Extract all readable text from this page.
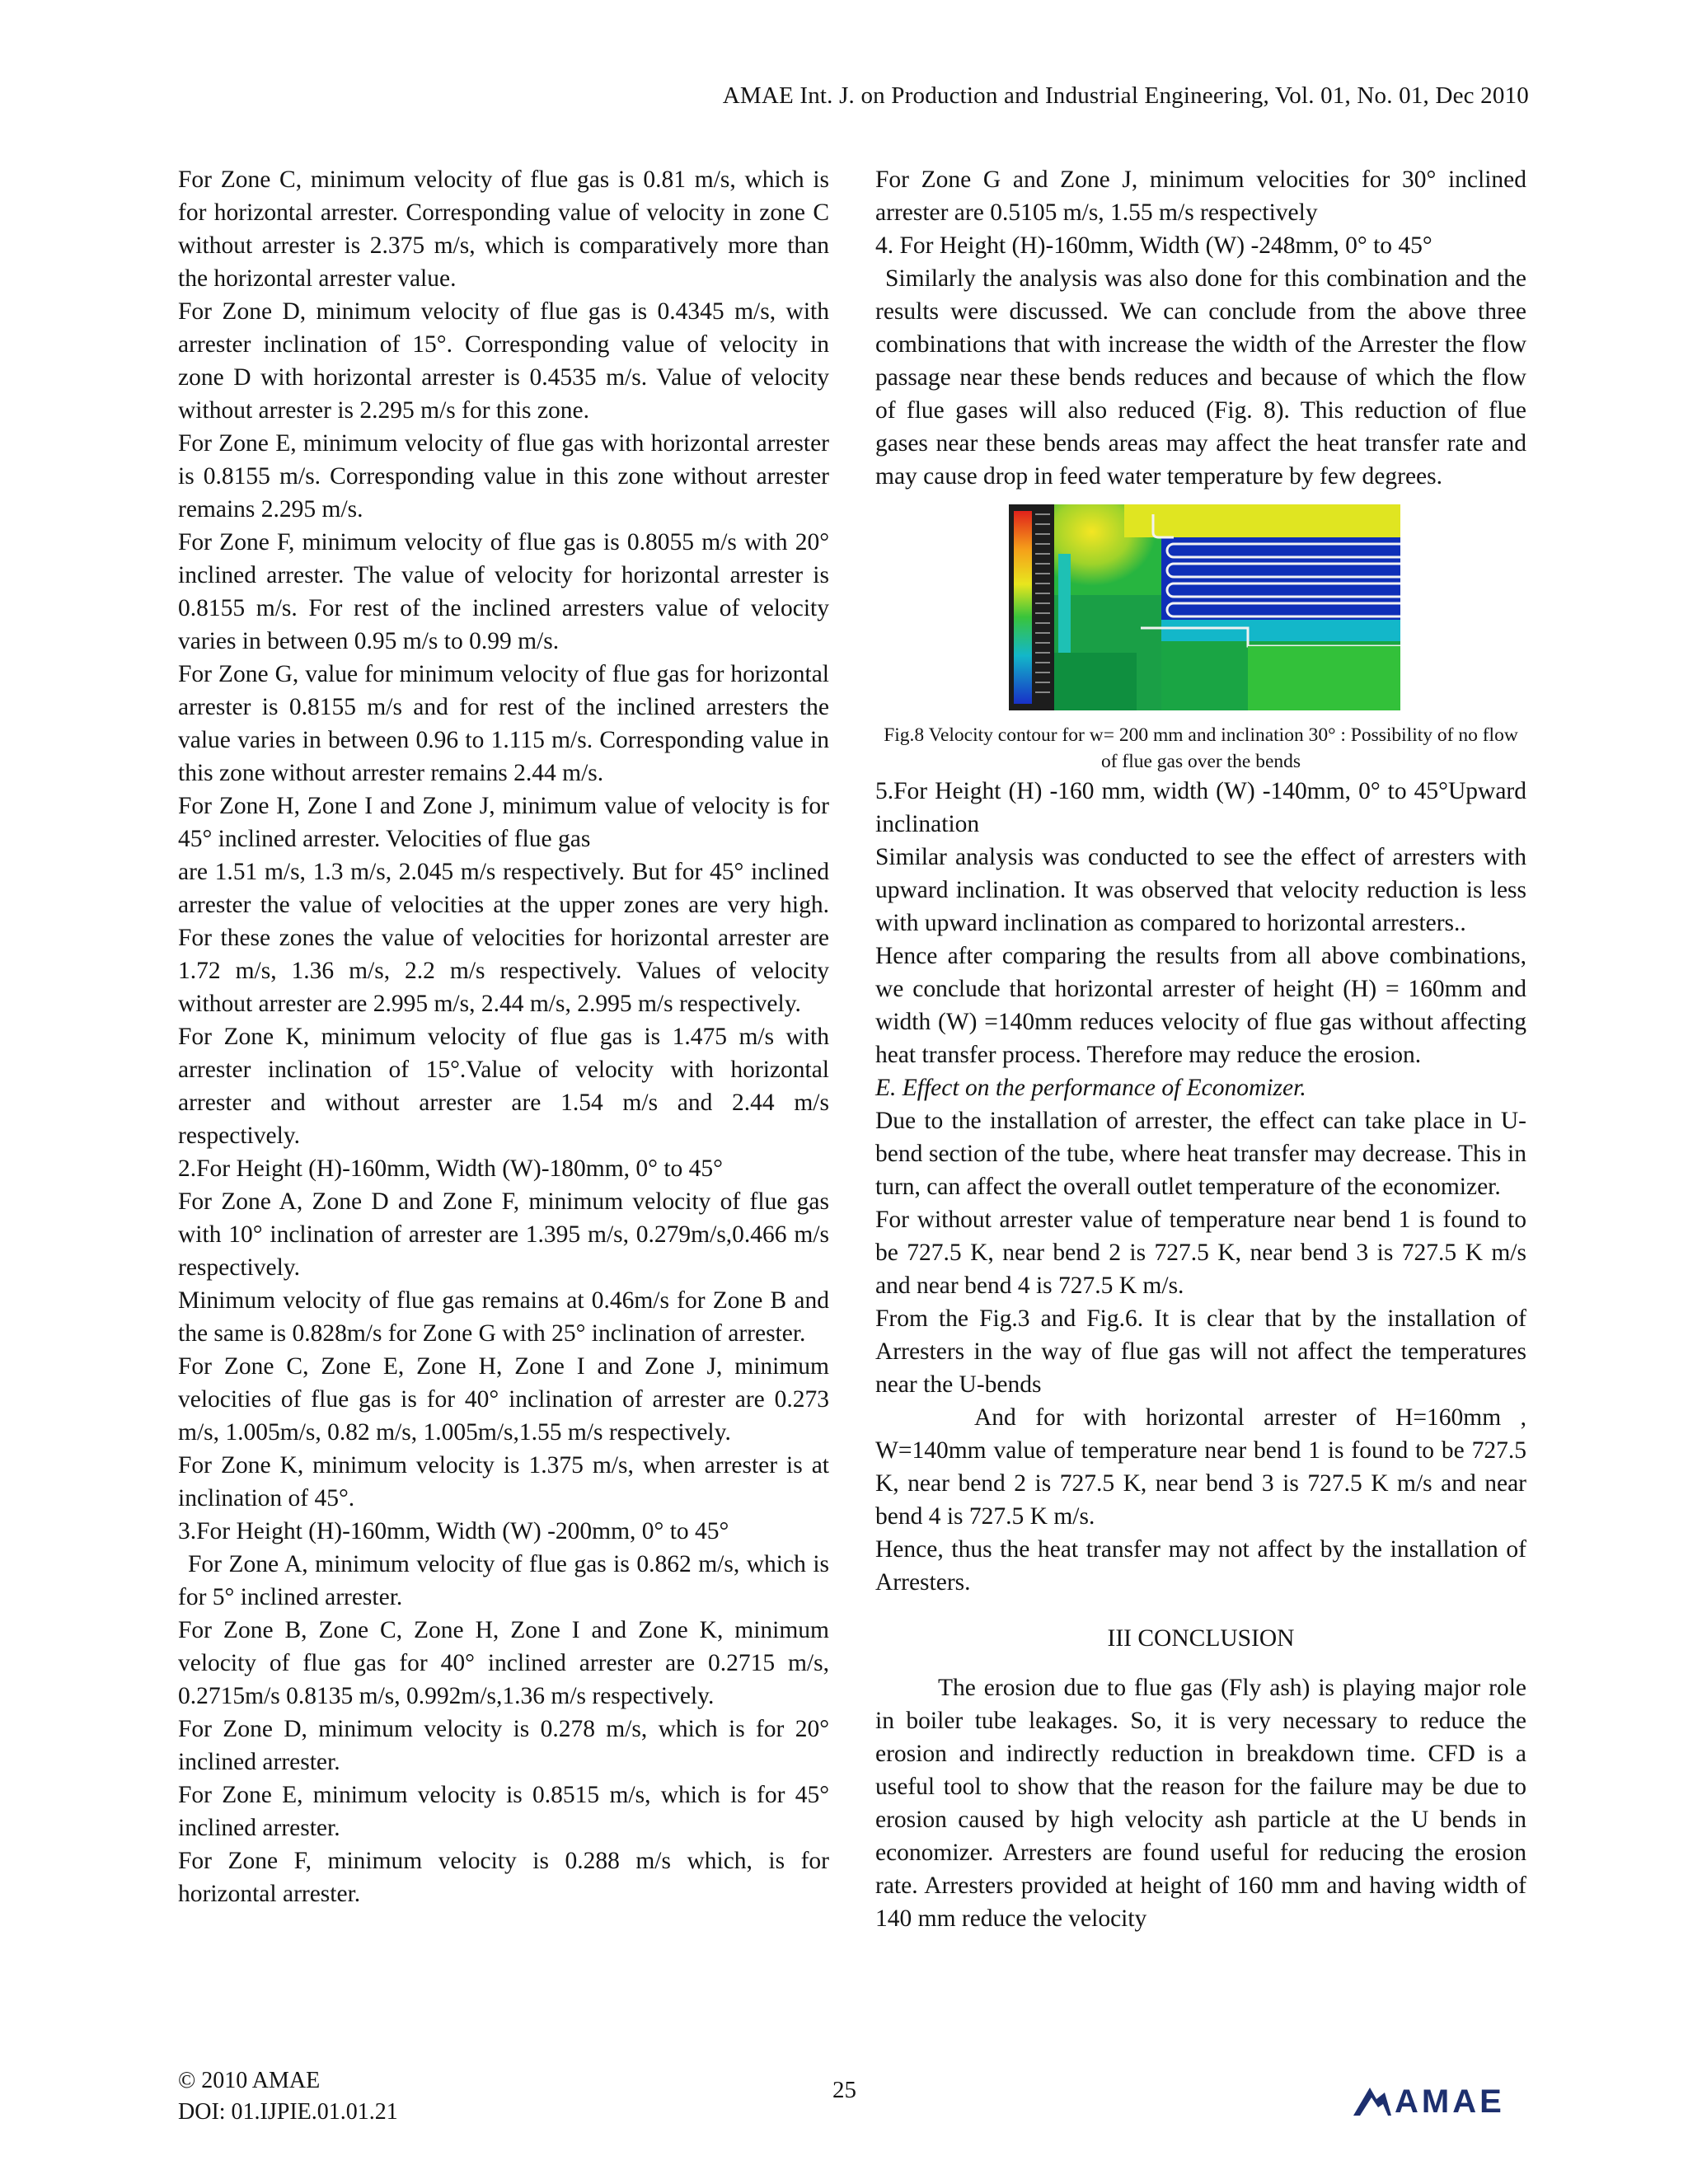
AMAE Int. J. on Production and Industrial Engineering, Vol. 01, No. 01, Dec 2010

For Zone C, minimum velocity of flue gas is 0.81 m/s, which is for horizontal arrester. Corresponding value of velocity in zone C without arrester is 2.375 m/s, which is comparatively more than the horizontal arrester value.

For Zone D, minimum velocity of flue gas is 0.4345 m/s, with arrester inclination of 15°. Corresponding value of velocity in zone D with horizontal arrester is 0.4535 m/s. Value of velocity without arrester is 2.295 m/s for this zone.

For Zone E, minimum velocity of flue gas with horizontal arrester is 0.8155 m/s. Corresponding value in this zone without arrester remains 2.295 m/s.

For Zone F, minimum velocity of flue gas is 0.8055 m/s with 20° inclined arrester. The value of velocity for horizontal arrester is 0.8155 m/s. For rest of the inclined arresters value of velocity varies in between 0.95 m/s to 0.99 m/s.

For Zone G, value for minimum velocity of flue gas for horizontal arrester is 0.8155 m/s and for rest of the inclined arresters the value varies in between 0.96 to 1.115 m/s. Corresponding value in this zone without arrester remains 2.44 m/s.

For Zone H, Zone I and Zone J, minimum value of velocity is for 45° inclined arrester. Velocities of flue gas

are 1.51 m/s, 1.3 m/s, 2.045 m/s respectively. But for 45° inclined arrester the value of velocities at the upper zones are very high. For these zones the value of velocities for horizontal arrester are 1.72 m/s, 1.36 m/s, 2.2 m/s respectively. Values of velocity without arrester are 2.995 m/s, 2.44 m/s, 2.995 m/s respectively.

For Zone K, minimum velocity of flue gas is 1.475 m/s with arrester inclination of 15°.Value of velocity with horizontal arrester and without arrester are 1.54 m/s and 2.44 m/s respectively.

2.For Height (H)-160mm, Width (W)-180mm, 0° to 45°

For Zone A, Zone D and Zone F, minimum velocity of flue gas with 10° inclination of arrester are 1.395 m/s, 0.279m/s,0.466 m/s respectively.

Minimum velocity of flue gas remains at 0.46m/s for Zone B and the same is 0.828m/s for Zone G with 25° inclination of arrester.

For Zone C, Zone E, Zone H, Zone I and Zone J, minimum velocities of flue gas is for 40° inclination of arrester are 0.273 m/s, 1.005m/s, 0.82 m/s, 1.005m/s,1.55 m/s respectively.

For Zone K, minimum velocity is 1.375 m/s, when arrester is at inclination of 45°.

3.For Height (H)-160mm, Width (W) -200mm, 0° to 45°

For Zone A, minimum velocity of flue gas is 0.862 m/s, which is for 5° inclined arrester.

For Zone B, Zone C, Zone H, Zone I and Zone K, minimum velocity of flue gas for 40° inclined arrester are 0.2715 m/s, 0.2715m/s 0.8135 m/s, 0.992m/s,1.36 m/s respectively.

For Zone D, minimum velocity is 0.278 m/s, which is for 20° inclined arrester.

For Zone E, minimum velocity is 0.8515 m/s, which is for 45° inclined arrester.

For Zone F, minimum velocity is 0.288 m/s which, is for horizontal arrester.

For Zone G and Zone J, minimum velocities for 30° inclined arrester are 0.5105 m/s, 1.55 m/s respectively

4. For Height (H)-160mm, Width (W) -248mm, 0° to 45°

Similarly the analysis was also done for this combination and the results were discussed. We can conclude from the above three combinations that with increase the width of the Arrester the flow passage near these bends reduces and because of which the flow of flue gases will also reduced (Fig. 8). This reduction of flue gases near these bends areas may affect the heat transfer rate and may cause drop in feed water temperature by few degrees.

Fig.8 Velocity contour for w= 200 mm and inclination 30° : Possibility of no flow of flue gas over the bends

5.For Height (H) -160 mm, width (W) -140mm, 0° to 45°Upward inclination

Similar analysis was conducted to see the effect of arresters with upward inclination. It was observed that velocity reduction is less with upward inclination as compared to horizontal arresters..

Hence after comparing the results from all above combinations, we conclude that horizontal arrester of height (H) = 160mm and width (W) =140mm reduces velocity of flue gas without affecting heat transfer process. Therefore may reduce the erosion.

E. Effect on the performance of Economizer.

Due to the installation of arrester, the effect can take place in U-bend section of the tube, where heat transfer may decrease. This in turn, can affect the overall outlet temperature of the economizer.

For without arrester value of temperature near bend 1 is found to be 727.5 K, near bend 2 is 727.5 K, near bend 3 is 727.5 K m/s and near bend 4 is 727.5 K m/s.

From the Fig.3 and Fig.6. It is clear that by the installation of Arresters in the way of flue gas will not affect the temperatures near the U-bends

And for with horizontal arrester of H=160mm , W=140mm value of temperature near bend 1 is found to be 727.5 K, near bend 2 is 727.5 K, near bend 3 is 727.5 K m/s and near bend 4 is 727.5 K m/s.

Hence, thus the heat transfer may not affect by the installation of Arresters.

III CONCLUSION

The erosion due to flue gas (Fly ash) is playing major role in boiler tube leakages. So, it is very necessary to reduce the erosion and indirectly reduction in breakdown time. CFD is a useful tool to show that the reason for the failure may be due to erosion caused by high velocity ash particle at the U bends in economizer. Arresters are found useful for reducing the erosion rate. Arresters provided at height of 160 mm and having width of 140 mm reduce the velocity

© 2010 AMAE
DOI: 01.IJPIE.01.01.21
25	AMAE
